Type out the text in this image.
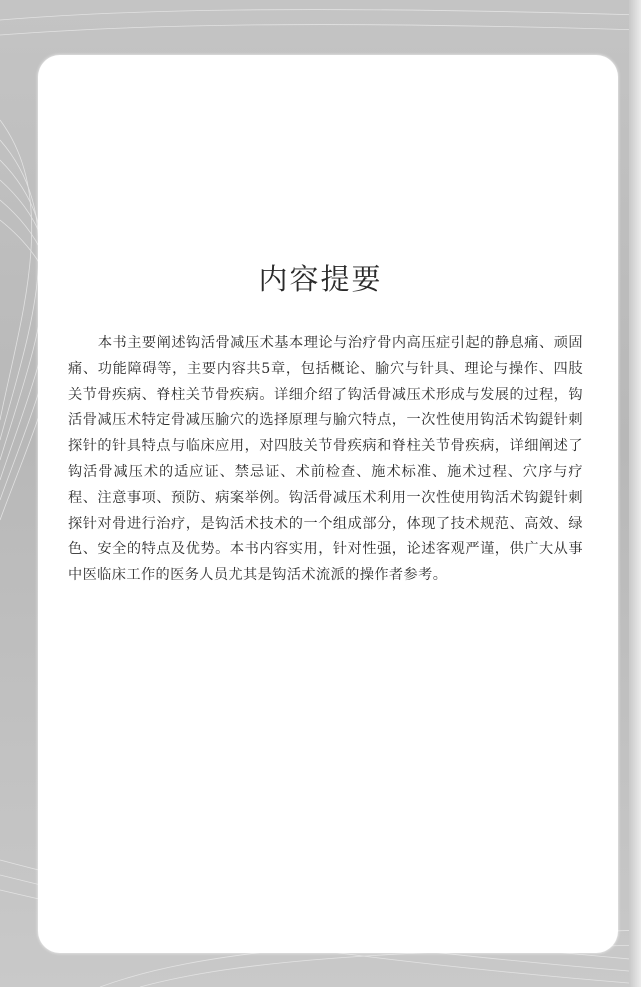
内容提要

本书主要阐述钩活骨减压术基本理论与治疗骨内高压症引起的静息痛、顽固痛、功能障碍等，主要内容共5章，包括概论、腧穴与针具、理论与操作、四肢关节骨疾病、脊柱关节骨疾病。详细介绍了钩活骨减压术形成与发展的过程，钩活骨减压术特定骨减压腧穴的选择原理与腧穴特点，一次性使用钩活术钩鍉针刺探针的针具特点与临床应用，对四肢关节骨疾病和脊柱关节骨疾病，详细阐述了钩活骨减压术的适应证、禁忌证、术前检查、施术标准、施术过程、穴序与疗程、注意事项、预防、病案举例。钩活骨减压术利用一次性使用钩活术钩鍉针刺探针对骨进行治疗，是钩活术技术的一个组成部分，体现了技术规范、高效、绿色、安全的特点及优势。本书内容实用，针对性强，论述客观严谨，供广大从事中医临床工作的医务人员尤其是钩活术流派的操作者参考。
